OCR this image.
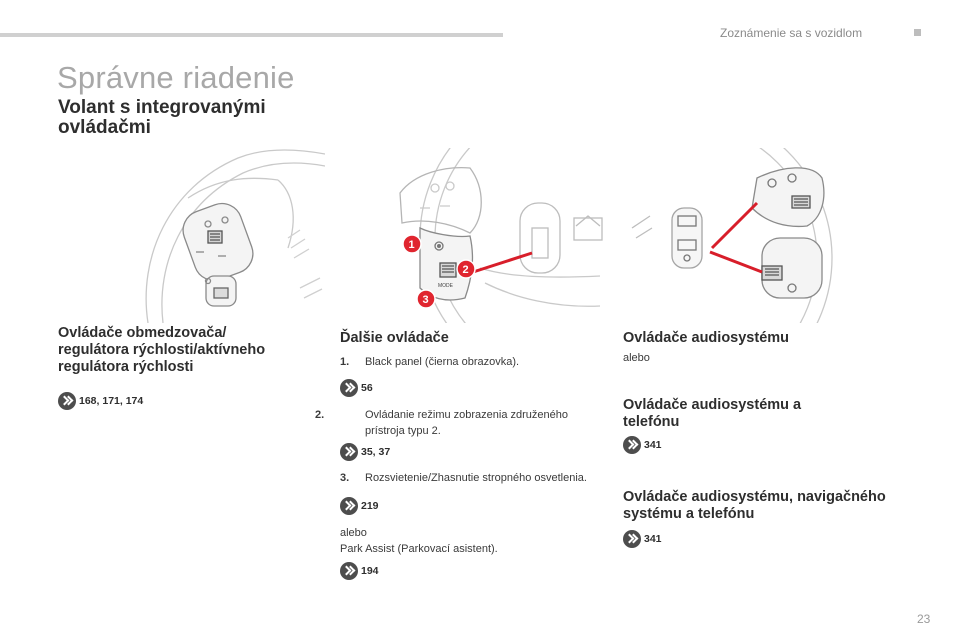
Zoznámenie sa s vozidlom
Správne riadenie
Volant s integrovanými ovládačmi
MODE
1
2
3
Ovládače obmedzovača/ regulátora rýchlosti/aktívneho regulátora rýchlosti
168, 171, 174
Ďalšie ovládače
1. Black panel (čierna obrazovka).
56
2.	Ovládanie režimu zobrazenia združeného prístroja typu 2.
35, 37
3. Rozsvietenie/Zhasnutie stropného osvetlenia.
219
alebo
Park Assist (Parkovací asistent).
194
Ovládače audiosystému
alebo
Ovládače audiosystému a telefónu
341
Ovládače audiosystému, navigačného systému a telefónu
341
23
